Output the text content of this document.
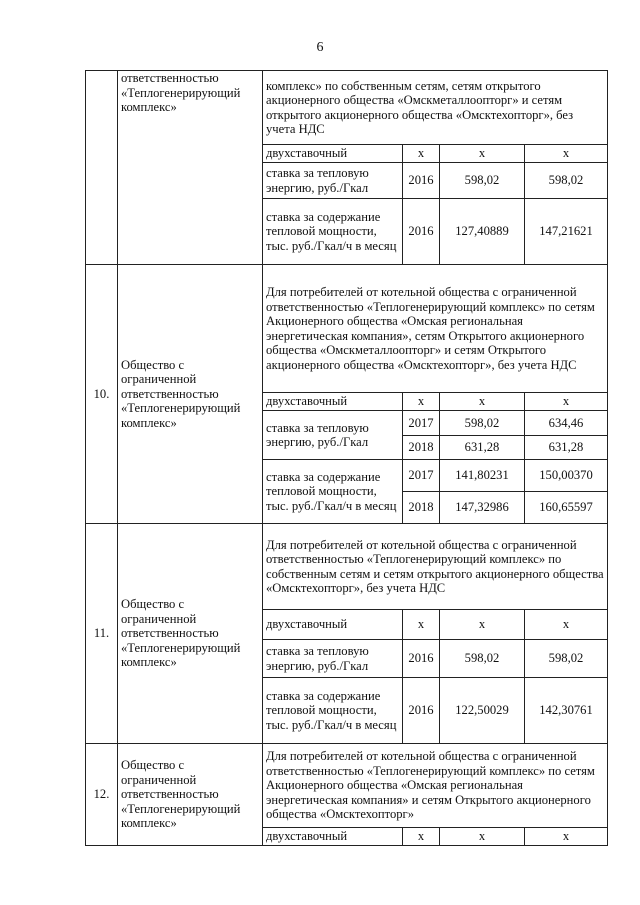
6
	ответственностью «Теплогенерирующий комплекс»	комплекс» по собственным сетям, сетям открытого акционерного общества «Омскметаллоопторг» и сетям открытого акционерного общества «Омсктехопторг», без учета НДС			
		двухставочный	х	х	х
		ставка за тепловую энергию, руб./Гкал	2016	598,02	598,02
		ставка за содержание тепловой мощности, тыс. руб./Гкал/ч в месяц	2016	127,40889	147,21621
10.	Общество с ограниченной ответственностью «Теплогенерирующий комплекс»	Для потребителей от котельной общества с ограниченной ответственностью «Теплогенерирующий комплекс» по сетям Акционерного общества «Омская региональная энергетическая компания», сетям Открытого акционерного общества «Омскметаллоопторг» и сетям Открытого акционерного общества «Омсктехопторг», без учета НДС			
		двухставочный	х	х	х
		ставка за тепловую энергию, руб./Гкал	2017	598,02	634,46
			2018	631,28	631,28
		ставка за содержание тепловой мощности, тыс. руб./Гкал/ч в месяц	2017	141,80231	150,00370
			2018	147,32986	160,65597
11.	Общество с ограниченной ответственностью «Теплогенерирующий комплекс»	Для потребителей от котельной общества с ограниченной ответственностью «Теплогенерирующий комплекс» по собственным сетям и сетям открытого акционерного общества «Омсктехопторг», без учета НДС			
		двухставочный	х	х	х
		ставка за тепловую энергию, руб./Гкал	2016	598,02	598,02
		ставка за содержание тепловой мощности, тыс. руб./Гкал/ч в месяц	2016	122,50029	142,30761
12.	Общество с ограниченной ответственностью «Теплогенерирующий комплекс»	Для потребителей от котельной общества с ограниченной ответственностью «Теплогенерирующий комплекс» по сетям Акционерного общества «Омская региональная энергетическая компания» и сетям Открытого акционерного общества «Омсктехопторг»			
		двухставочный	х	х	х
